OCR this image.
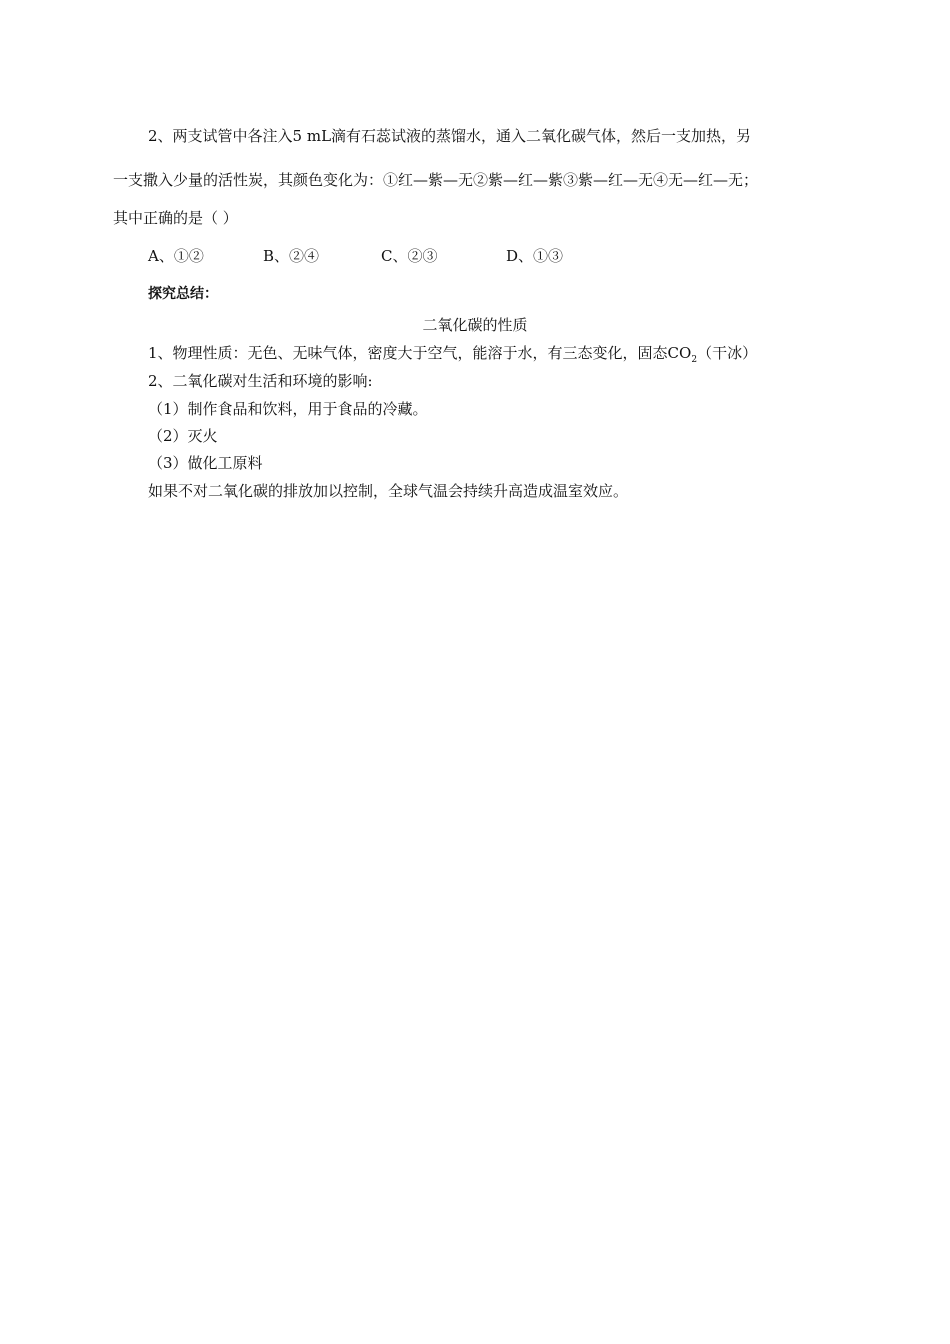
2、两支试管中各注入5 mL滴有石蕊试液的蒸馏水，通入二氧化碳气体，然后一支加热，另
一支撒入少量的活性炭，其颜色变化为：①红—紫—无②紫—红—紫③紫—红—无④无—红—无；
其中正确的是（ ）
A、①②	B、②④	C、②③	D、①③
探究总结：
二氧化碳的性质
1、物理性质：无色、无味气体，密度大于空气，能溶于水，有三态变化，固态$CO_2$（干冰）
2、二氧化碳对生活和环境的影响:
（1）制作食品和饮料，用于食品的冷藏。
（2）灭火
（3）做化工原料
如果不对二氧化碳的排放加以控制，全球气温会持续升高造成温室效应。
